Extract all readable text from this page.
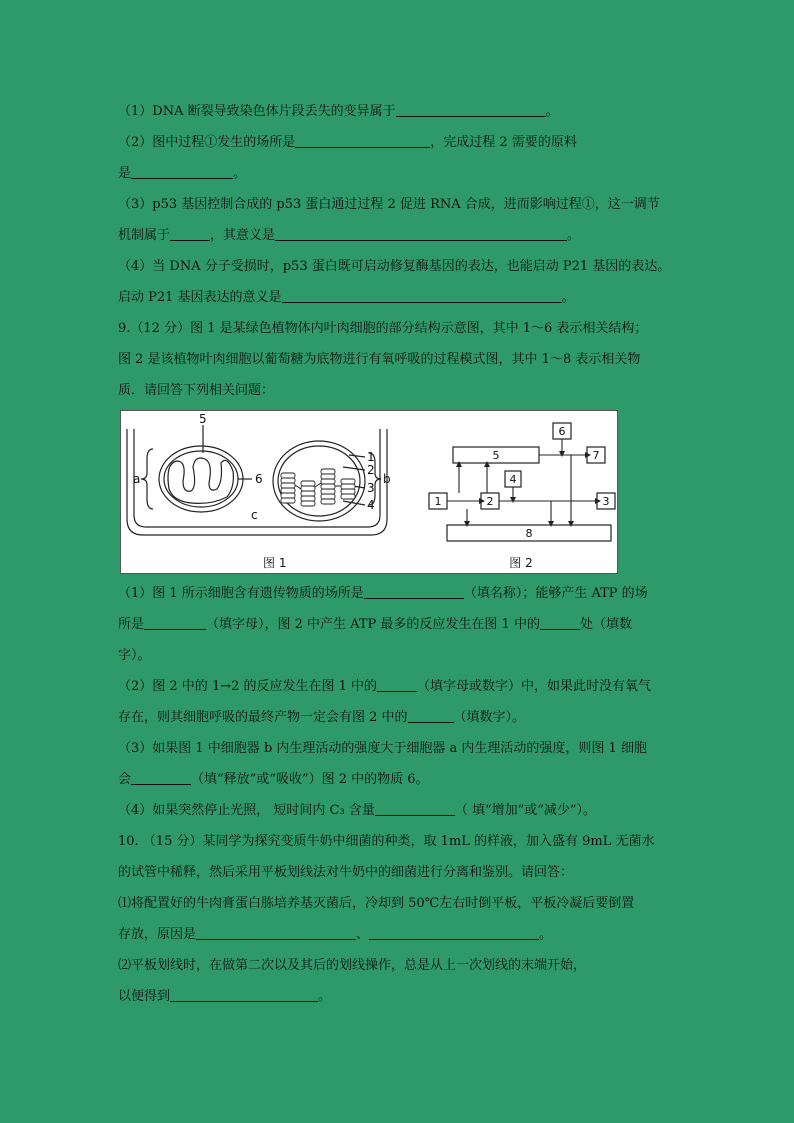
（1）DNA 断裂导致染色体片段丢失的变异属于	。
（2）图中过程①发生的场所是	，完成过程 2 需要的原料
是	。
（3）p53 基因控制合成的 p53 蛋白通过过程 2 促进 RNA 合成，进而影响过程①，这一调节
机制属于	，其意义是	。
（4）当 DNA 分子受损时，p53 蛋白既可启动修复酶基因的表达，也能启动 P21 基因的表达。
启动 P21 基因表达的意义是	。
9.（12 分）图 1 是某绿色植物体内叶肉细胞的部分结构示意图，其中 1～6 表示相关结构；
图 2 是该植物叶肉细胞以葡萄糖为底物进行有氧呼吸的过程模式图，其中 1～8 表示相关物
质．请回答下列相关问题：
5
6
a	b
c
1
2
3
4
图 1
5
6
7
4
1	2	3
8
图 2
（1）图 1 所示细胞含有遗传物质的场所是	（填名称）；能够产生 ATP 的场
所是	（填字母），图 2 中产生 ATP 最多的反应发生在图 1 中的	处（填数
字）。
（2）图 2 中的 1→2 的反应发生在图 1 中的	（填字母或数字）中，如果此时没有氧气
存在，则其细胞呼吸的最终产物一定会有图 2 中的	（填数字）。
（3）如果图 1 中细胞器 b 内生理活动的强度大于细胞器 a 内生理活动的强度，则图 1 细胞
会	（填“释放”或“吸收”）图 2 中的物质 6。
（4）如果突然停止光照， 短时间内 C₃ 含量	（ 填“增加”或“减少”）。
10. （15 分）某同学为探究变质牛奶中细菌的种类，取 1mL 的样液，加入盛有 9mL 无菌水
的试管中稀释，然后采用平板划线法对牛奶中的细菌进行分离和鉴别。请回答：
⑴将配置好的牛肉膏蛋白胨培养基灭菌后，冷却到 50℃左右时倒平板，平板冷凝后要倒置
存放，原因是	、	。
⑵平板划线时，在做第二次以及其后的划线操作，总是从上一次划线的末端开始，
以便得到	。
